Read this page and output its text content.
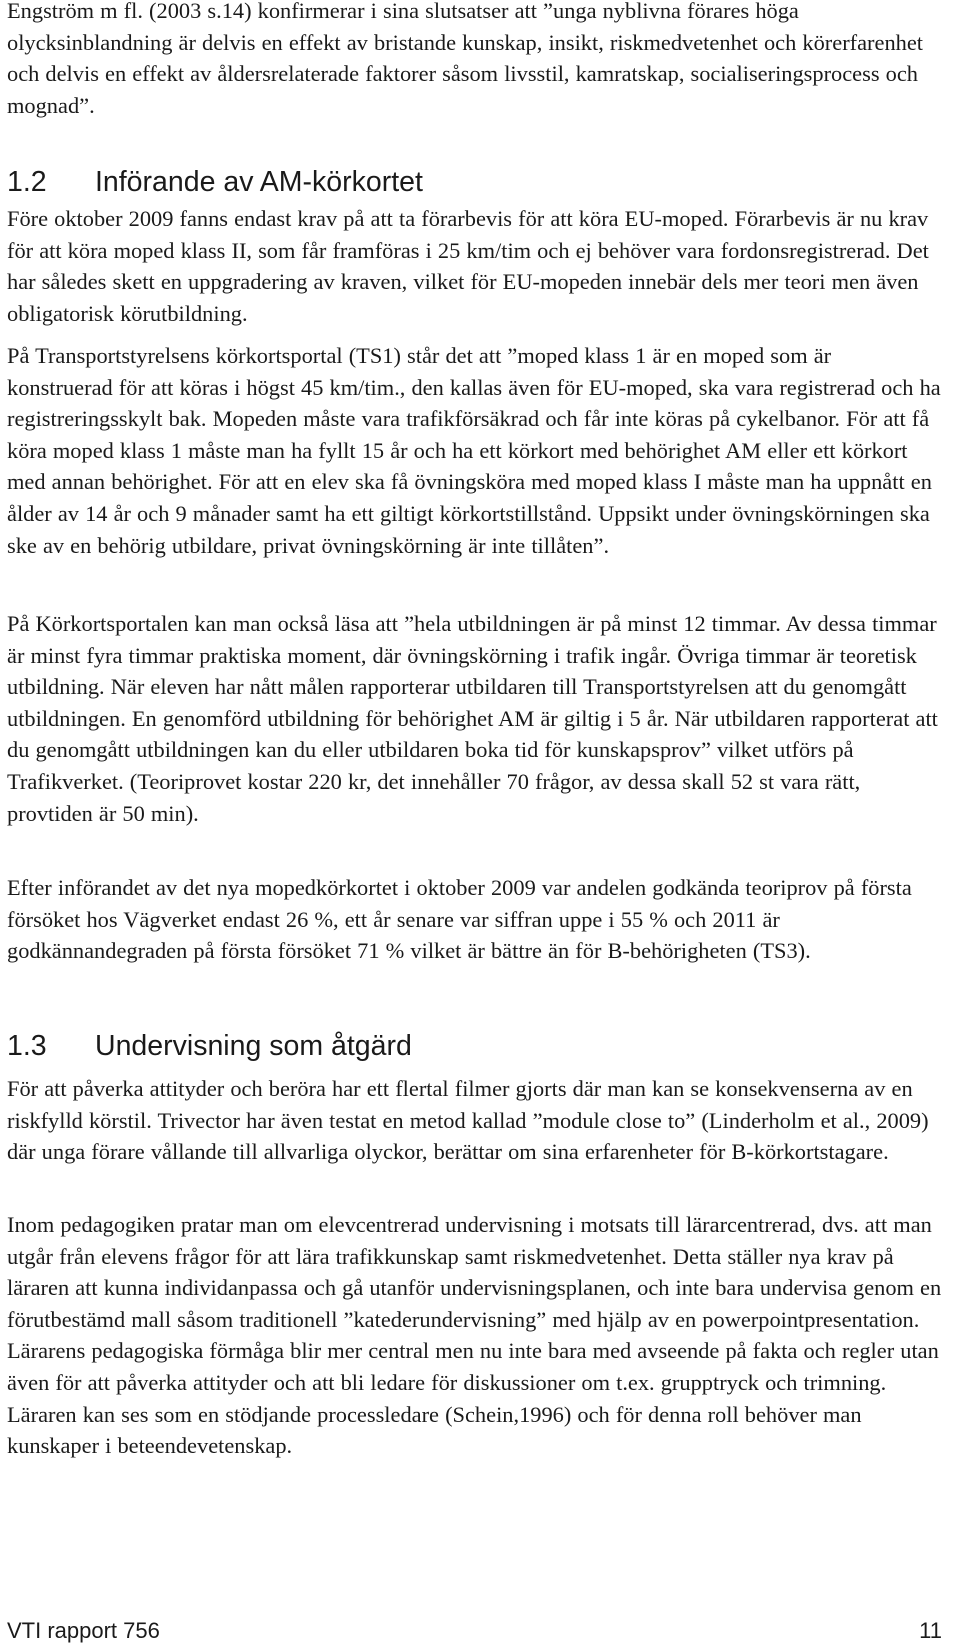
Engström m fl. (2003 s.14) konfirmerar i sina slutsatser att ”unga nyblivna förares höga olycksinblandning är delvis en effekt av bristande kunskap, insikt, riskmedvetenhet och körerfarenhet och delvis en effekt av åldersrelaterade faktorer såsom livsstil, kamratskap, socialiseringsprocess och mognad”.

1.2 Införande av AM-körkortet

Före oktober 2009 fanns endast krav på att ta förarbevis för att köra EU-moped. Förarbevis är nu krav för att köra moped klass II, som får framföras i 25 km/tim och ej behöver vara fordonsregistrerad. Det har således skett en uppgradering av kraven, vilket för EU-mopeden innebär dels mer teori men även obligatorisk körutbildning.

På Transportstyrelsens körkortsportal (TS1) står det att ”moped klass 1 är en moped som är konstruerad för att köras i högst 45 km/tim., den kallas även för EU-moped, ska vara registrerad och ha registreringsskylt bak. Mopeden måste vara trafikförsäkrad och får inte köras på cykelbanor. För att få köra moped klass 1 måste man ha fyllt 15 år och ha ett körkort med behörighet AM eller ett körkort med annan behörighet. För att en elev ska få övningsköra med moped klass I måste man ha uppnått en ålder av 14 år och 9 månader samt ha ett giltigt körkortstillstånd. Uppsikt under övningskörningen ska ske av en behörig utbildare, privat övningskörning är inte tillåten”.

På Körkortsportalen kan man också läsa att ”hela utbildningen är på minst 12 timmar. Av dessa timmar är minst fyra timmar praktiska moment, där övningskörning i trafik ingår. Övriga timmar är teoretisk utbildning. När eleven har nått målen rapporterar utbildaren till Transportstyrelsen att du genomgått utbildningen. En genomförd utbildning för behörighet AM är giltig i 5 år. När utbildaren rapporterat att du genomgått utbildningen kan du eller utbildaren boka tid för kunskapsprov” vilket utförs på Trafikverket. (Teoriprovet kostar 220 kr, det innehåller 70 frågor, av dessa skall 52 st vara rätt, provtiden är 50 min).

Efter införandet av det nya mopedkörkortet i oktober 2009 var andelen godkända teoriprov på första försöket hos Vägverket endast 26 %, ett år senare var siffran uppe i 55 % och 2011 är godkännandegraden på första försöket 71 % vilket är bättre än för B-behörigheten (TS3).

1.3 Undervisning som åtgärd

För att påverka attityder och beröra har ett flertal filmer gjorts där man kan se konsekvenserna av en riskfylld körstil. Trivector har även testat en metod kallad ”module close to” (Linderholm et al., 2009) där unga förare vållande till allvarliga olyckor, berättar om sina erfarenheter för B-körkortstagare.

Inom pedagogiken pratar man om elevcentrerad undervisning i motsats till lärarcentrerad, dvs. att man utgår från elevens frågor för att lära trafikkunskap samt riskmedvetenhet. Detta ställer nya krav på läraren att kunna individanpassa och gå utanför undervisningsplanen, och inte bara undervisa genom en förutbestämd mall såsom traditionell ”katederundervisning” med hjälp av en powerpointpresentation. Lärarens pedagogiska förmåga blir mer central men nu inte bara med avseende på fakta och regler utan även för att påverka attityder och att bli ledare för diskussioner om t.ex. grupptryck och trimning. Läraren kan ses som en stödjande processledare (Schein,1996) och för denna roll behöver man kunskaper i beteendevetenskap.

VTI rapport 756	11
